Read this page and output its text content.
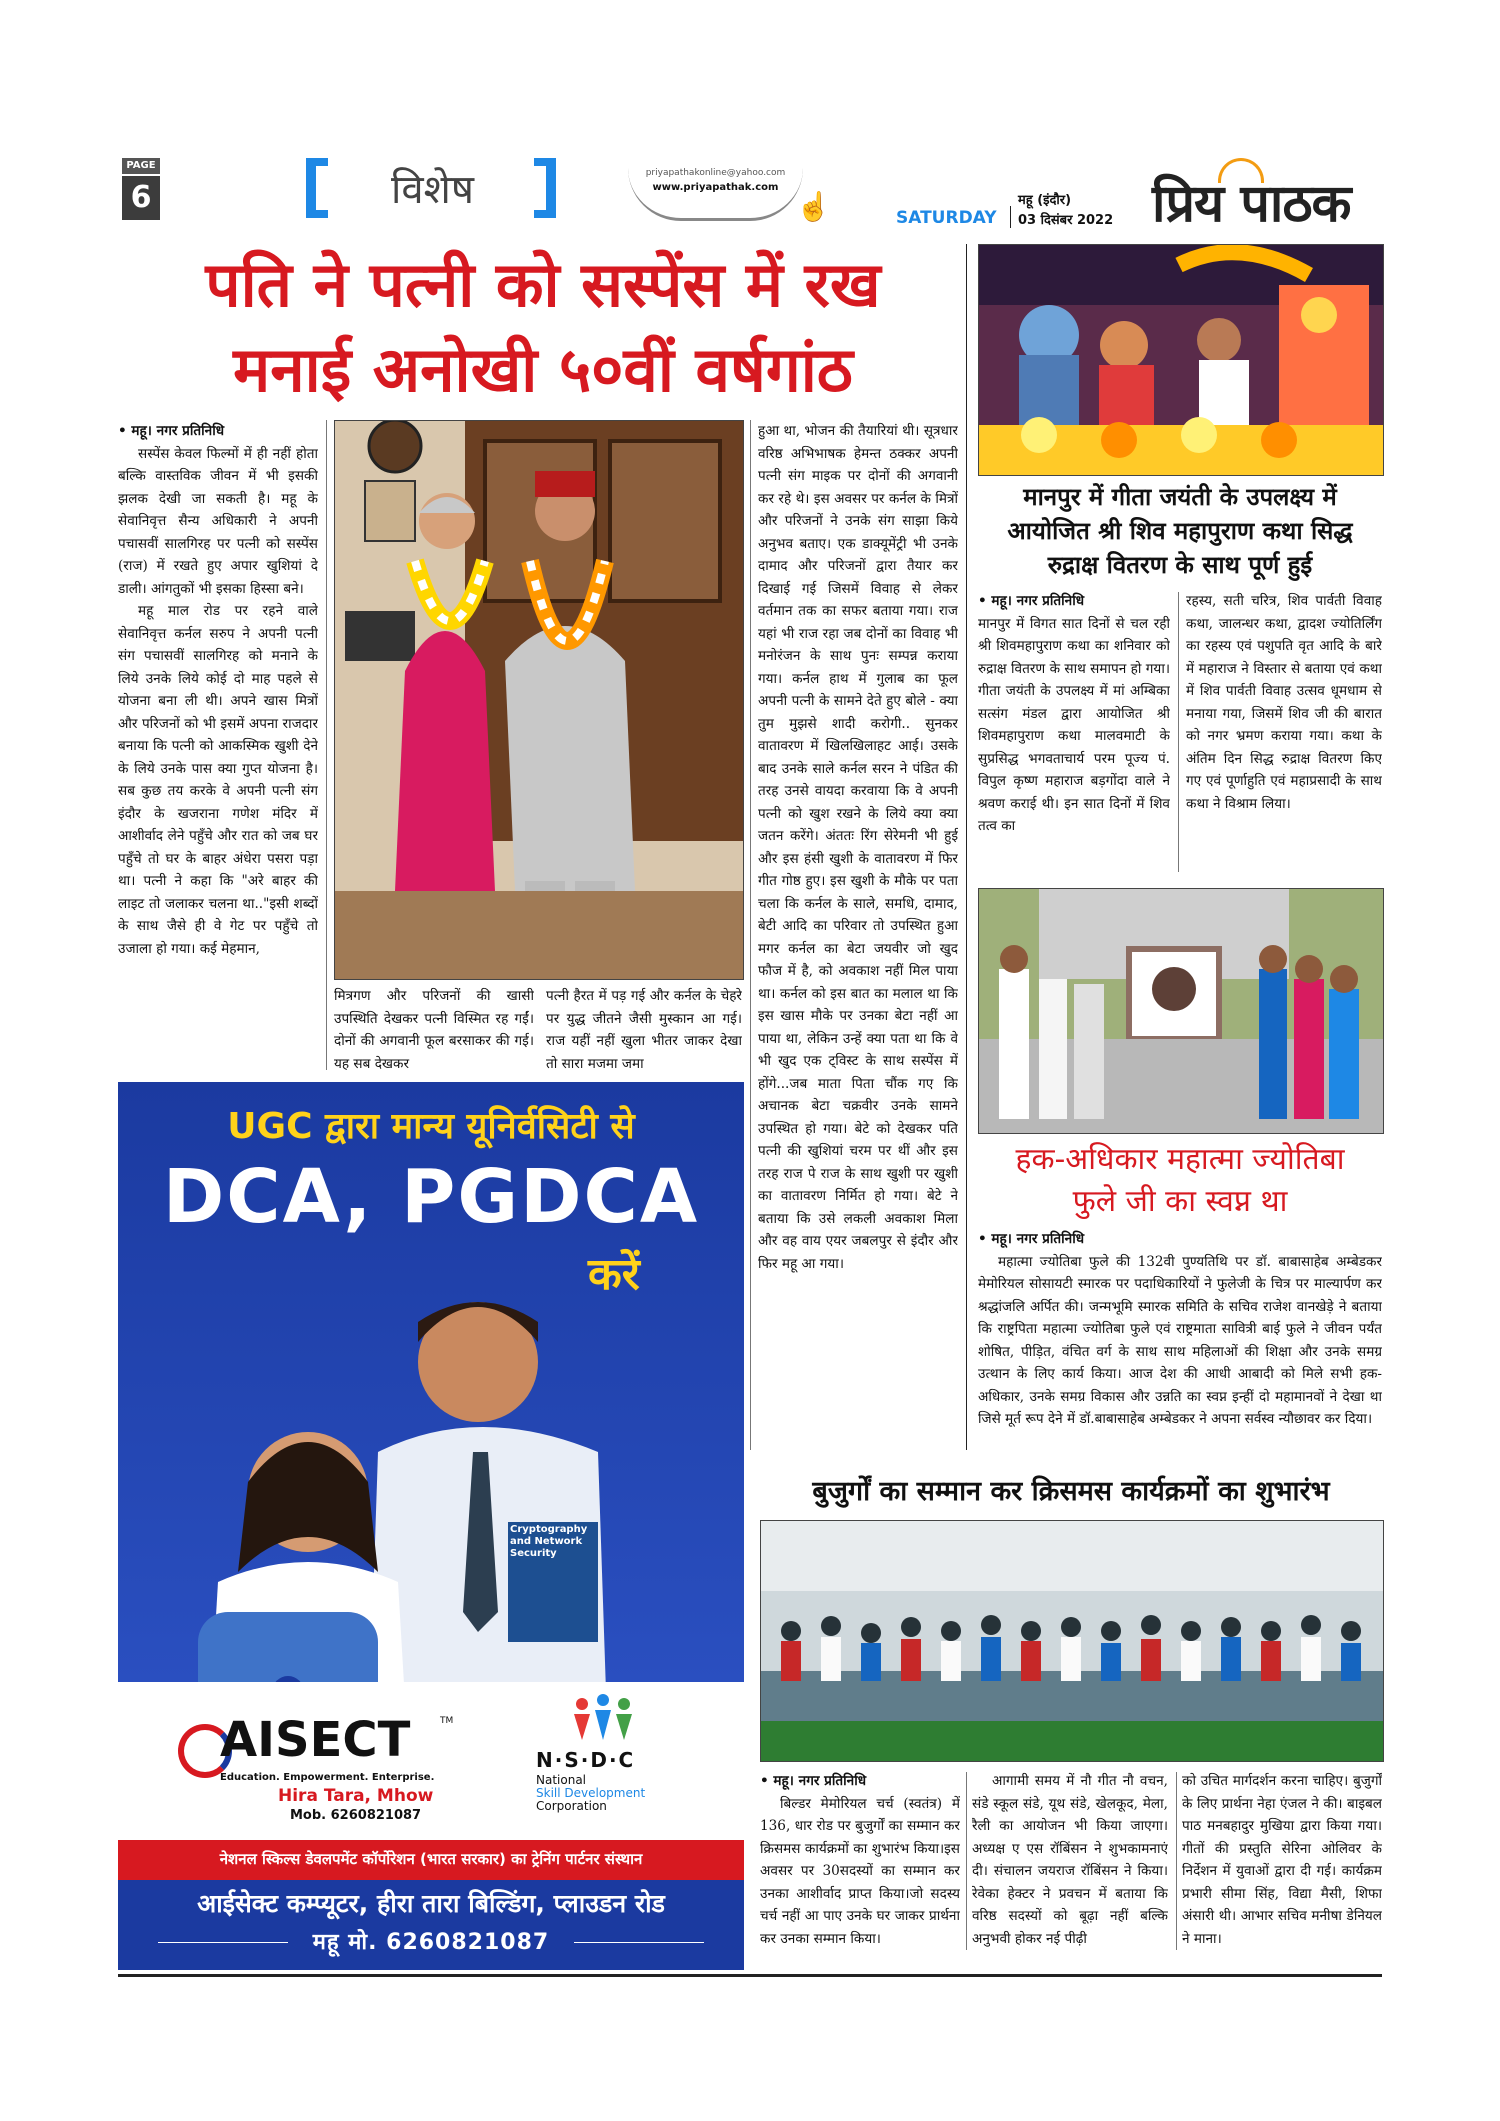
PAGE
6	विशेष	priyapathakonline@yahoo.com
www.priyapathak.com
☝	महू (इंदौर)
SATURDAY 03 दिसंबर 2022 प्रिय पाठक
पति ने पत्नी को सस्पेंस में रख
मनाई अनोखी ५०वीं वर्षगांठ
• महू। नगर प्रतिनिधि

सस्पेंस केवल फिल्मों में ही नहीं होता बल्कि वास्तविक जीवन में भी इसकी झलक देखी जा सकती है। महू के सेवानिवृत्त सैन्य अधिकारी ने अपनी पचासवीं सालगिरह पर पत्नी को सस्पेंस (राज) में रखते हुए अपार खुशियां दे डाली। आंगतुकों भी इसका हिस्सा बने।

महू माल रोड पर रहने वाले सेवानिवृत्त कर्नल सरुप ने अपनी पत्नी संग पचासवीं सालगिरह को मनाने के लिये उनके लिये कोई दो माह पहले से योजना बना ली थी। अपने खास मित्रों और परिजनों को भी इसमें अपना राजदार बनाया कि पत्नी को आकस्मिक खुशी देने के लिये उनके पास क्या गुप्त योजना है। सब कुछ तय करके वे अपनी पत्नी संग इंदौर के खजराना गणेश मंदिर में आशीर्वाद लेने पहुँचे और रात को जब घर पहुँचे तो घर के बाहर अंधेरा पसरा पड़ा था। पत्नी ने कहा कि "अरे बाहर की लाइट तो जलाकर चलना था.."इसी शब्दों के साथ जैसे ही वे गेट पर पहुँचे तो उजाला हो गया। कई मेहमान,

मित्रगण और परिजनों की खासी उपस्थिति देखकर पत्नी विस्मित रह गईं। दोनों की अगवानी फूल बरसाकर की गई। यह सब देखकर
पत्नी हैरत में पड़ गई और कर्नल के चेहरे पर युद्ध जीतने जैसी मुस्कान आ गई। राज यहीं नहीं खुला भीतर जाकर देखा तो सारा मजमा जमा
हुआ था, भोजन की तैयारियां थी। सूत्रधार वरिष्ठ अभिभाषक हेमन्त ठक्कर अपनी पत्नी संग माइक पर दोनों की अगवानी कर रहे थे। इस अवसर पर कर्नल के मित्रों और परिजनों ने उनके संग साझा किये अनुभव बताए। एक डाक्यूमेंट्री भी उनके दामाद और परिजनों द्वारा तैयार कर दिखाई गई जिसमें विवाह से लेकर वर्तमान तक का सफर बताया गया। राज यहां भी राज रहा जब दोनों का विवाह भी मनोरंजन के साथ पुनः सम्पन्न कराया गया। कर्नल हाथ में गुलाब का फूल अपनी पत्नी के सामने देते हुए बोले - क्या तुम मुझसे शादी करोगी.. सुनकर वातावरण में खिलखिलाहट आई। उसके बाद उनके साले कर्नल सरन ने पंडित की तरह उनसे वायदा करवाया कि वे अपनी पत्नी को खुश रखने के लिये क्या क्या जतन करेंगे। अंततः रिंग सेरेमनी भी हुई और इस हंसी खुशी के वातावरण में फिर गीत गोष्ठ हुए। इस खुशी के मौके पर पता चला कि कर्नल के साले, समधि, दामाद, बेटी आदि का परिवार तो उपस्थित हुआ मगर कर्नल का बेटा जयवीर जो खुद फौज में है, को अवकाश नहीं मिल पाया था। कर्नल को इस बात का मलाल था कि इस खास मौके पर उनका बेटा नहीं आ पाया था, लेकिन उन्हें क्या पता था कि वे भी खुद एक ट्विस्ट के साथ सस्पेंस में होंगे...जब माता पिता चौंक गए कि अचानक बेटा चक्रवीर उनके सामने उपस्थित हो गया। बेटे को देखकर पति पत्नी की खुशियां चरम पर थीं और इस तरह राज पे राज के साथ खुशी पर खुशी का वातावरण निर्मित हो गया। बेटे ने बताया कि उसे लकली अवकाश मिला और वह वाय एयर जबलपुर से इंदौर और फिर महू आ गया।
मानपुर में गीता जयंती के उपलक्ष्य में आयोजित श्री शिव महापुराण कथा सिद्ध रुद्राक्ष वितरण के साथ पूर्ण हुई
• महू। नगर प्रतिनिधि
मानपुर में विगत सात दिनों से चल रही श्री शिवमहापुराण कथा का शनिवार को रुद्राक्ष वितरण के साथ समापन हो गया। गीता जयंती के उपलक्ष्य में मां अम्बिका सत्संग मंडल द्वारा आयोजित श्री शिवमहापुराण कथा मालवमाटी के सुप्रसिद्ध भगवताचार्य परम पूज्य पं. विपुल कृष्ण महाराज बड़गोंदा वाले ने श्रवण कराई थी। इन सात दिनों में शिव तत्व का
रहस्य, सती चरित्र, शिव पार्वती विवाह कथा, जालन्धर कथा, द्वादश ज्योतिर्लिंग का रहस्य एवं पशुपति वृत आदि के बारे में महाराज ने विस्तार से बताया एवं कथा में शिव पार्वती विवाह उत्सव धूमधाम से मनाया गया, जिसमें शिव जी की बारात को नगर भ्रमण कराया गया। कथा के अंतिम दिन सिद्ध रुद्राक्ष वितरण किए गए एवं पूर्णाहुति एवं महाप्रसादी के साथ कथा ने विश्राम लिया।
हक-अधिकार महात्मा ज्योतिबा
फुले जी का स्वप्न था
• महू। नगर प्रतिनिधि
महात्मा ज्योतिबा फुले की 132वी पुण्यतिथि पर डॉ. बाबासाहेब अम्बेडकर मेमोरियल सोसायटी स्मारक पर पदाधिकारियों ने फुलेजी के चित्र पर माल्यार्पण कर श्रद्धांजलि अर्पित की। जन्मभूमि स्मारक समिति के सचिव राजेश वानखेड़े ने बताया कि राष्ट्रपिता महात्मा ज्योतिबा फुले एवं राष्ट्रमाता सावित्री बाई फुले ने जीवन पर्यंत शोषित, पीड़ित, वंचित वर्ग के साथ साथ महिलाओं की शिक्षा और उनके समग्र उत्थान के लिए कार्य किया। आज देश की आधी आबादी को मिले सभी हक-अधिकार, उनके समग्र विकास और उन्नति का स्वप्न इन्हीं दो महामानवों ने देखा था जिसे मूर्त रूप देने में डॉ.बाबासाहेब अम्बेडकर ने अपना सर्वस्व न्यौछावर कर दिया।
UGC द्वारा मान्य यूनिर्वसिटी से
DCA, PGDCA
करें
Cryptography and Network Security
AISECT	TM
Education. Empowerment. Enterprise.
Hira Tara, Mhow
Mob. 6260821087
N·S·D·C
National
Skill Development
Corporation
नेशनल स्किल्स डेवलपमेंट कॉर्पोरेशन (भारत सरकार) का ट्रेनिंग पार्टनर संस्थान
आईसेक्ट कम्प्यूटर, हीरा तारा बिल्डिंग, प्लाउडन रोड
महू मो. 6260821087
बुजुर्गों का सम्मान कर क्रिसमस कार्यक्रमों का शुभारंभ
• महू। नगर प्रतिनिधि
बिल्डर मेमोरियल चर्च (स्वतंत्र) में 136, धार रोड पर बुजुर्गों का सम्मान कर क्रिसमस कार्यक्रमों का शुभारंभ किया।इस अवसर पर 30सदस्यों का सम्मान कर उनका आशीर्वाद प्राप्त किया।जो सदस्य चर्च नहीं आ पाए उनके घर जाकर प्रार्थना कर उनका सम्मान किया।
आगामी समय में नौ गीत नौ वचन, संडे स्कूल संडे, यूथ संडे, खेलकूद, मेला, रैली का आयोजन भी किया जाएगा।अध्यक्ष ए एस रॉबिंसन ने शुभकामनाएं दी। संचालन जयराज रॉबिंसन ने किया। रेवेका हेक्टर ने प्रवचन में बताया कि वरिष्ठ सदस्यों को बूढ़ा नहीं बल्कि अनुभवी होकर नई पीढ़ी
को उचित मार्गदर्शन करना चाहिए। बुजुर्गों के लिए प्रार्थना नेहा एंजल ने की। बाइबल पाठ मनबहादुर मुखिया द्वारा किया गया। गीतों की प्रस्तुति सेरिना ओलिवर के निर्देशन में युवाओं द्वारा दी गई। कार्यक्रम प्रभारी सीमा सिंह, विद्या मैसी, शिफा अंसारी थी। आभार सचिव मनीषा डेनियल ने माना।
